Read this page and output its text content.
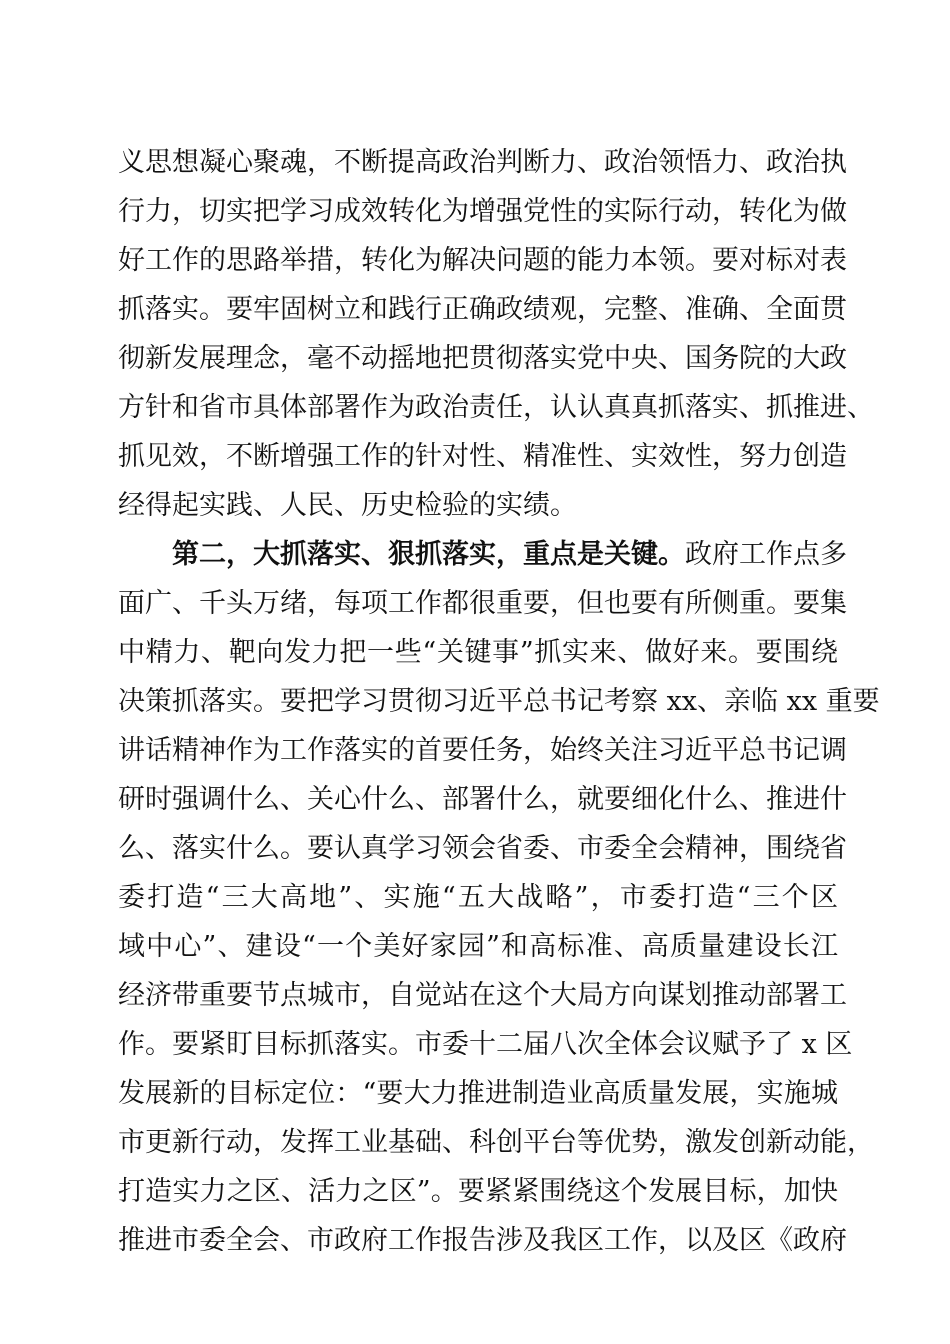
义思想凝心聚魂，不断提高政治判断力、政治领悟力、政治执
行力，切实把学习成效转化为增强党性的实际行动，转化为做
好工作的思路举措，转化为解决问题的能力本领。要对标对表
抓落实。要牢固树立和践行正确政绩观，完整、准确、全面贯
彻新发展理念，毫不动摇地把贯彻落实党中央、国务院的大政
方针和省市具体部署作为政治责任，认认真真抓落实、抓推进、
抓见效，不断增强工作的针对性、精准性、实效性，努力创造
经得起实践、人民、历史检验的实绩。
第二，大抓落实、狠抓落实，重点是关键。政府工作点多
面广、千头万绪，每项工作都很重要，但也要有所侧重。要集
中精力、靶向发力把一些“关键事”抓实来、做好来。要围绕
决策抓落实。要把学习贯彻习近平总书记考察 xx、亲临 xx 重要
讲话精神作为工作落实的首要任务，始终关注习近平总书记调
研时强调什么、关心什么、部署什么，就要细化什么、推进什
么、落实什么。要认真学习领会省委、市委全会精神，围绕省
委打造“三大高地”、实施“五大战略”，市委打造“三个区
域中心”、建设“一个美好家园”和高标准、高质量建设长江
经济带重要节点城市，自觉站在这个大局方向谋划推动部署工
作。要紧盯目标抓落实。市委十二届八次全体会议赋予了 x 区
发展新的目标定位：“要大力推进制造业高质量发展，实施城
市更新行动，发挥工业基础、科创平台等优势，激发创新动能，
打造实力之区、活力之区”。要紧紧围绕这个发展目标，加快
推进市委全会、市政府工作报告涉及我区工作，以及区《政府
